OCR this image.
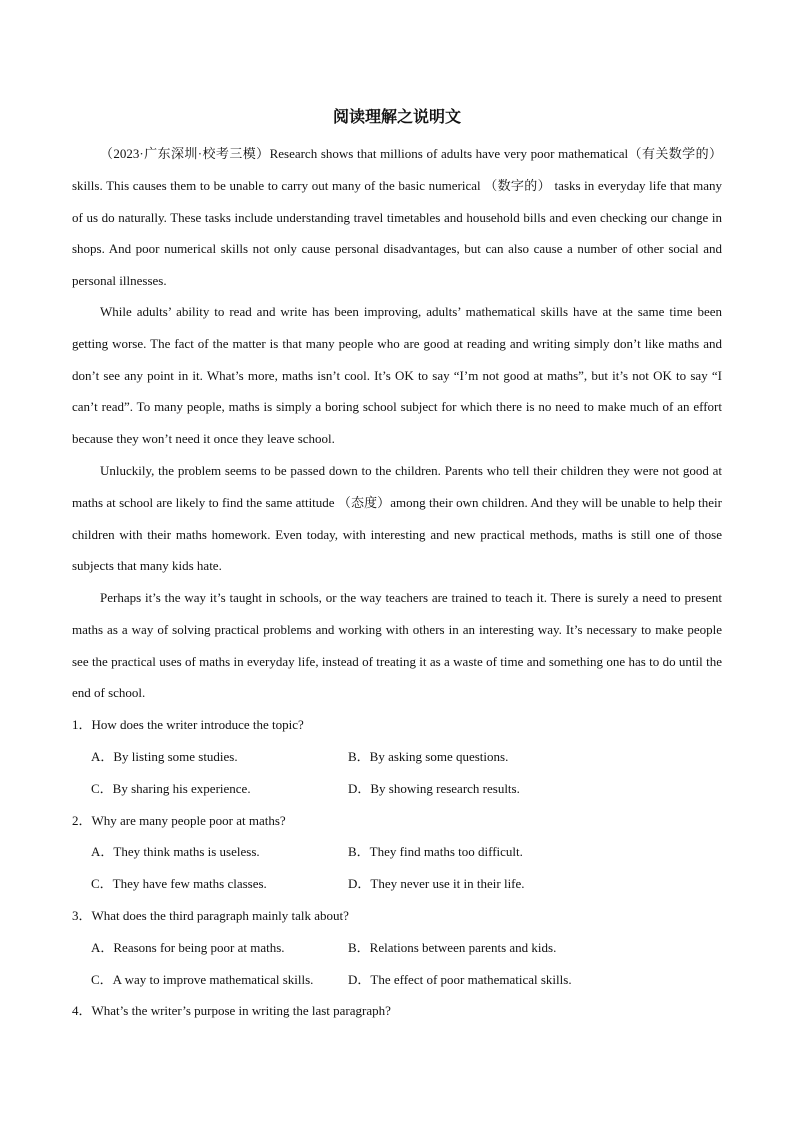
阅读理解之说明文

（2023·广东深圳·校考三模）Research shows that millions of adults have very poor mathematical（有关数学的） skills. This causes them to be unable to carry out many of the basic numerical （数字的） tasks in everyday life that many of us do naturally. These tasks include understanding travel timetables and household bills and even checking our change in shops. And poor numerical skills not only cause personal disadvantages, but can also cause a number of other social and personal illnesses.

While adults’ ability to read and write has been improving, adults’ mathematical skills have at the same time been getting worse. The fact of the matter is that many people who are good at reading and writing simply don’t like maths and don’t see any point in it. What’s more, maths isn’t cool. It’s OK to say “I’m not good at maths”, but it’s not OK to say “I can’t read”. To many people, maths is simply a boring school subject for which there is no need to make much of an effort because they won’t need it once they leave school.

Unluckily, the problem seems to be passed down to the children. Parents who tell their children they were not good at maths at school are likely to find the same attitude （态度）among their own children. And they will be unable to help their children with their maths homework. Even today, with interesting and new practical methods, maths is still one of those subjects that many kids hate.

Perhaps it’s the way it’s taught in schools, or the way teachers are trained to teach it. There is surely a need to present maths as a way of solving practical problems and working with others in an interesting way. It’s necessary to make people see the practical uses of maths in everyday life, instead of treating it as a waste of time and something one has to do until the end of school.

1．How does the writer introduce the topic?
A．By listing some studies.	B．By asking some questions.
C．By sharing his experience.	D．By showing research results.
2．Why are many people poor at maths?
A．They think maths is useless.	B．They find maths too difficult.
C．They have few maths classes.	D．They never use it in their life.
3．What does the third paragraph mainly talk about?
A．Reasons for being poor at maths.	B．Relations between parents and kids.
C．A way to improve mathematical skills.	D．The effect of poor mathematical skills.
4．What’s the writer’s purpose in writing the last paragraph?
